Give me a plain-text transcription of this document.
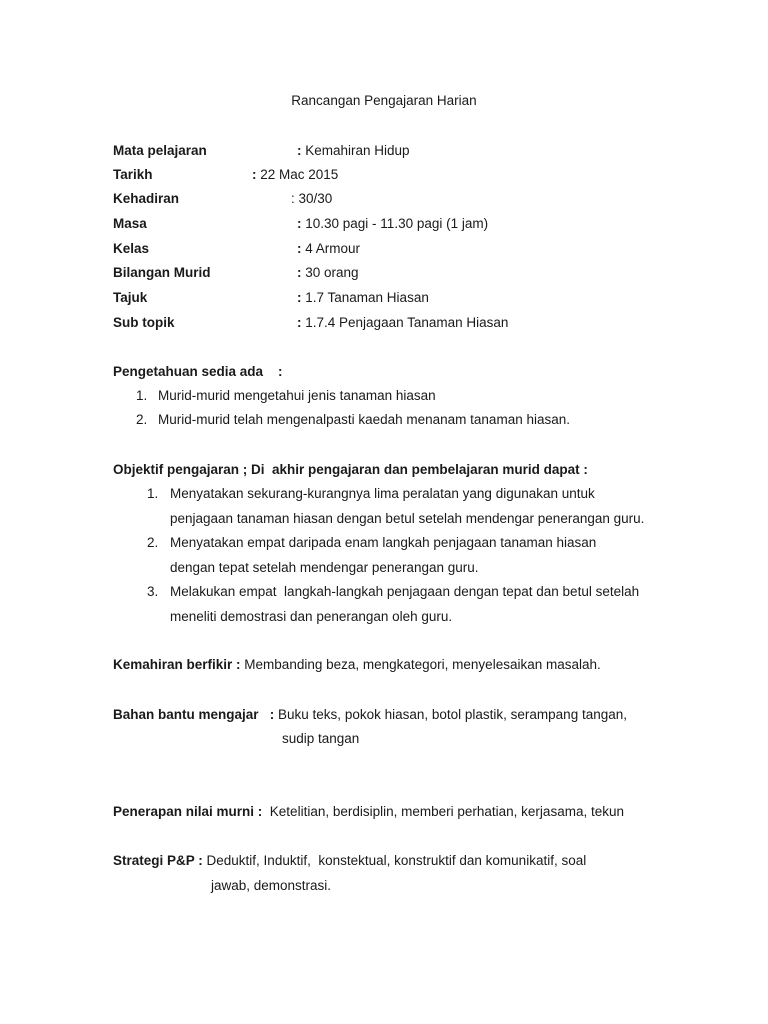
Rancangan Pengajaran Harian
Mata pelajaran	: Kemahiran Hidup
Tarikh	: 22 Mac 2015
Kehadiran	: 30/30
Masa	: 10.30 pagi - 11.30 pagi (1 jam)
Kelas	: 4 Armour
Bilangan Murid	: 30 orang
Tajuk	: 1.7 Tanaman Hiasan
Sub topik	: 1.7.4 Penjagaan Tanaman Hiasan
Pengetahuan sedia ada    :
1. Murid-murid mengetahui jenis tanaman hiasan
2. Murid-murid telah mengenalpasti kaedah menanam tanaman hiasan.
Objektif pengajaran ; Di  akhir pengajaran dan pembelajaran murid dapat :
1. Menyatakan sekurang-kurangnya lima peralatan yang digunakan untuk
penjagaan tanaman hiasan dengan betul setelah mendengar penerangan guru.
2. Menyatakan empat daripada enam langkah penjagaan tanaman hiasan
dengan tepat setelah mendengar penerangan guru.
3. Melakukan empat  langkah-langkah penjagaan dengan tepat dan betul setelah
meneliti demostrasi dan penerangan oleh guru.
Kemahiran berfikir : Membanding beza, mengkategori, menyelesaikan masalah.
Bahan bantu mengajar   : Buku teks, pokok hiasan, botol plastik, serampang tangan,
sudip tangan
Penerapan nilai murni :  Ketelitian, berdisiplin, memberi perhatian, kerjasama, tekun
Strategi P&P : Deduktif, Induktif,  konstektual, konstruktif dan komunikatif, soal
jawab, demonstrasi.
